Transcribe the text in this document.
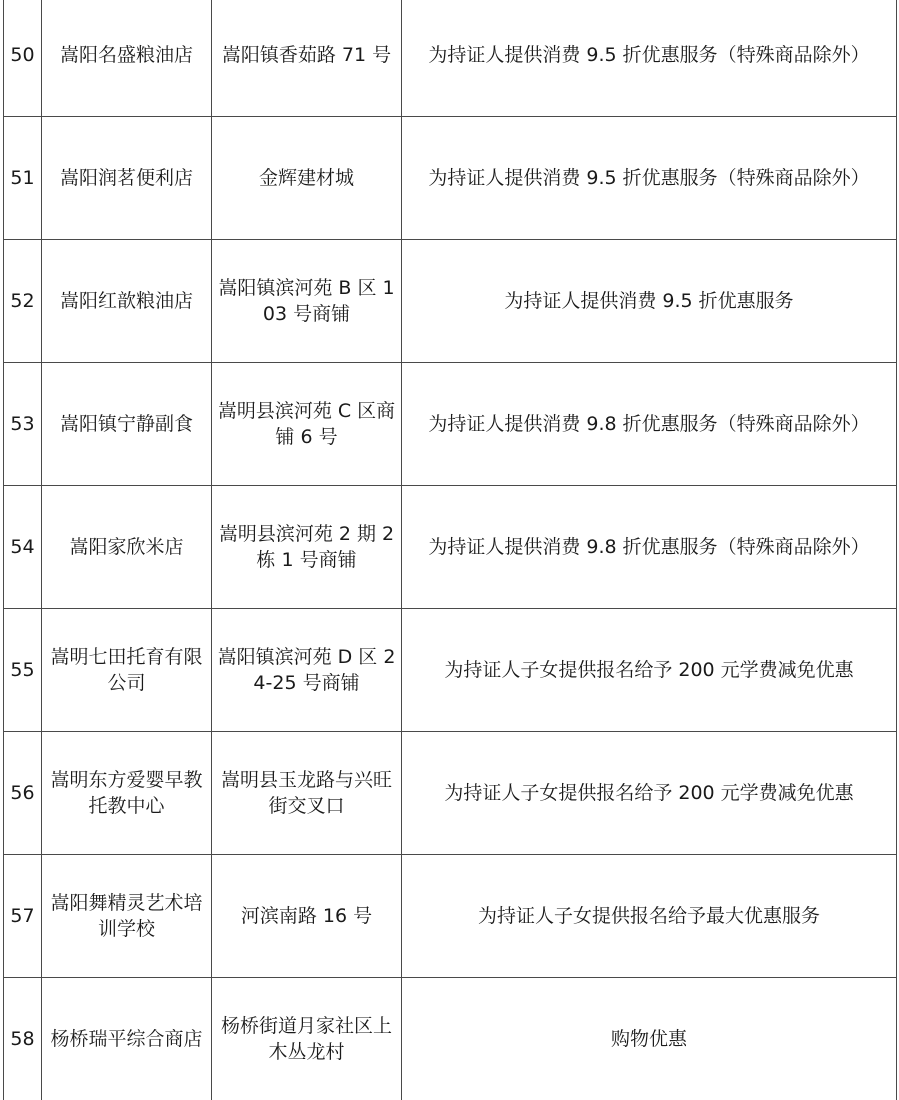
50	嵩阳名盛粮油店	嵩阳镇香茹路 71 号	为持证人提供消费 9.5 折优惠服务（特殊商品除外）
51	嵩阳润茗便利店	金辉建材城	为持证人提供消费 9.5 折优惠服务（特殊商品除外）
52	嵩阳红歆粮油店	嵩阳镇滨河苑 B 区 103 号商铺	为持证人提供消费 9.5 折优惠服务
53	嵩阳镇宁静副食	嵩明县滨河苑 C 区商铺 6 号	为持证人提供消费 9.8 折优惠服务（特殊商品除外）
54	嵩阳家欣米店	嵩明县滨河苑 2 期 2 栋 1 号商铺	为持证人提供消费 9.8 折优惠服务（特殊商品除外）
55	嵩明七田托育有限公司	嵩阳镇滨河苑 D 区 24-25 号商铺	为持证人子女提供报名给予 200 元学费减免优惠
56	嵩明东方爱婴早教托教中心	嵩明县玉龙路与兴旺街交叉口	为持证人子女提供报名给予 200 元学费减免优惠
57	嵩阳舞精灵艺术培训学校	河滨南路 16 号	为持证人子女提供报名给予最大优惠服务
58	杨桥瑞平综合商店	杨桥街道月家社区上木丛龙村	购物优惠
